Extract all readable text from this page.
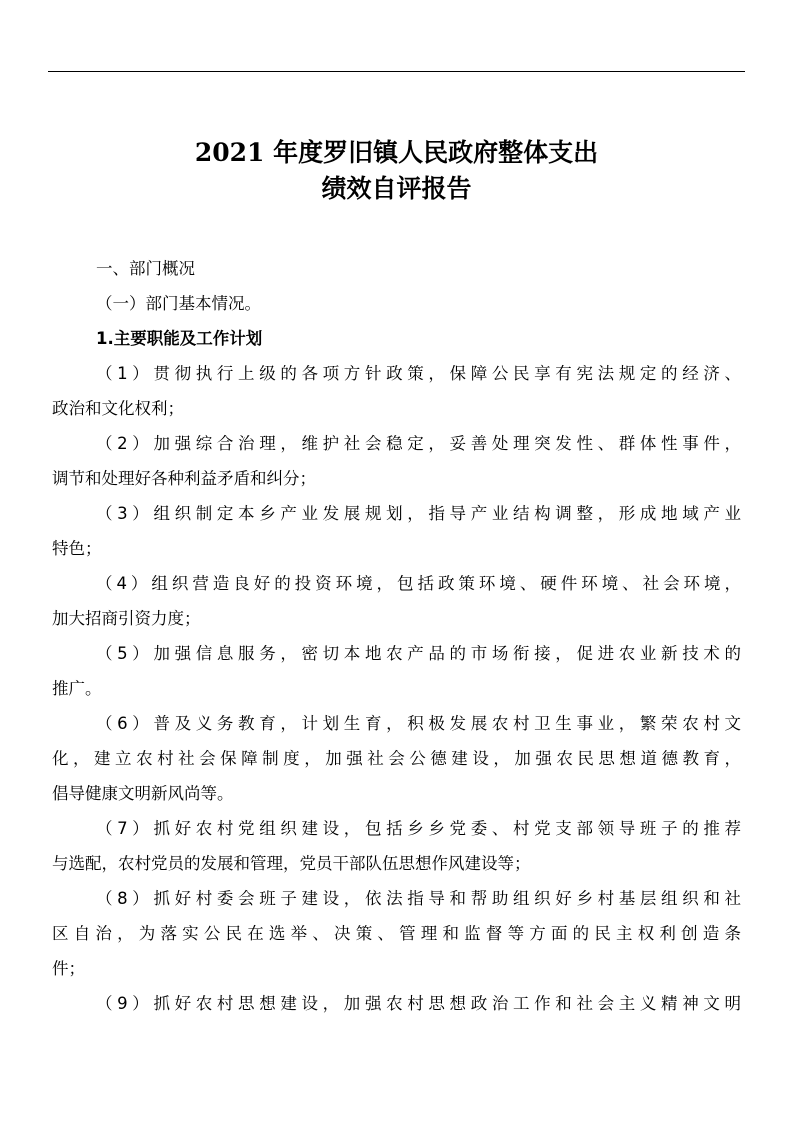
2021 年度罗旧镇人民政府整体支出
绩效自评报告
一、部门概况
（一）部门基本情况。
1.主要职能及工作计划
（1）贯彻执行上级的各项方针政策，保障公民享有宪法规定的经济、
政治和文化权利；
（2）加强综合治理，维护社会稳定，妥善处理突发性、群体性事件，
调节和处理好各种利益矛盾和纠分；
（3）组织制定本乡产业发展规划，指导产业结构调整，形成地域产业
特色；
（4）组织营造良好的投资环境，包括政策环境、硬件环境、社会环境，
加大招商引资力度；
（5）加强信息服务，密切本地农产品的市场衔接，促进农业新技术的
推广。
（6）普及义务教育，计划生育，积极发展农村卫生事业，繁荣农村文
化，建立农村社会保障制度，加强社会公德建设，加强农民思想道德教育，
倡导健康文明新风尚等。
（7）抓好农村党组织建设，包括乡乡党委、村党支部领导班子的推荐
与选配，农村党员的发展和管理，党员干部队伍思想作风建设等；
（8）抓好村委会班子建设，依法指导和帮助组织好乡村基层组织和社
区自治，为落实公民在选举、决策、管理和监督等方面的民主权利创造条
件；
（9）抓好农村思想建设，加强农村思想政治工作和社会主义精神文明
